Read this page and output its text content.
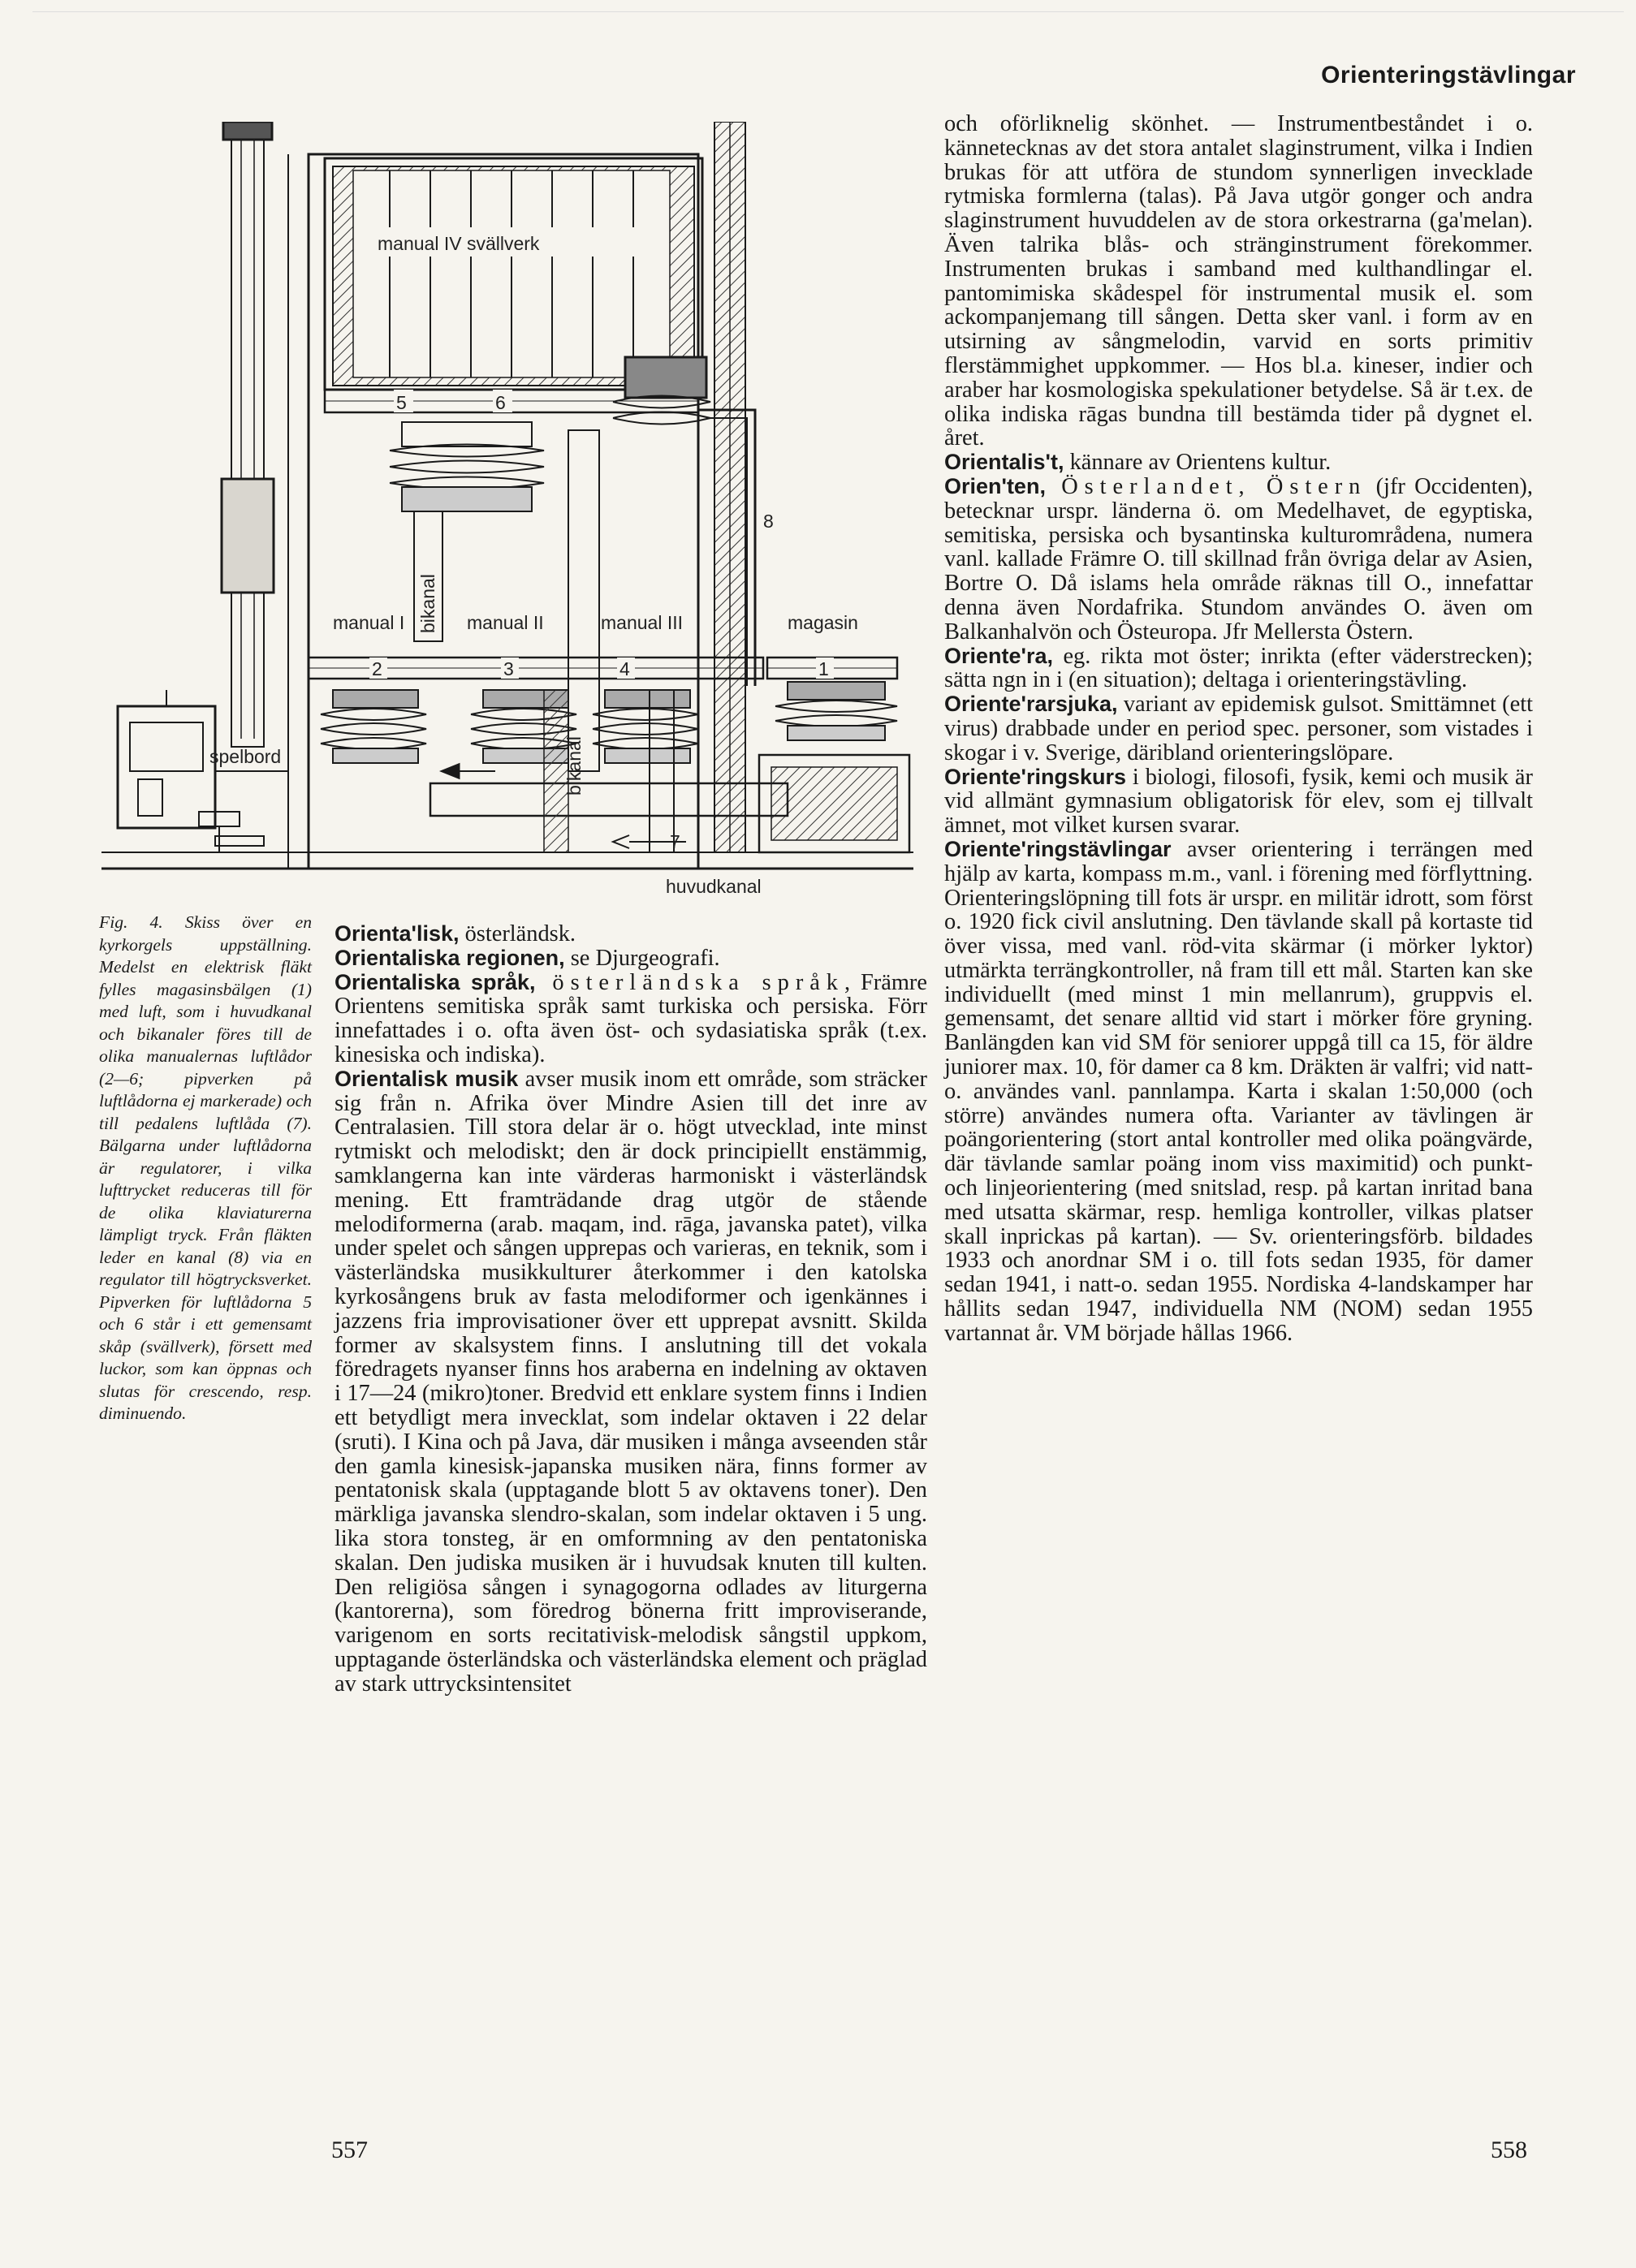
Orienteringstävlingar
manual IV svällverk
5	6
bikanal
bikanal
manual I	manual II	manual III	magasin
1
2	3	4
7
8
spelbord
huvudkanal
Fig. 4. Skiss över en kyrkorgels uppställning. Medelst en elektrisk fläkt fylles magasinsbälgen (1) med luft, som i huvudkanal och bikanaler föres till de olika manualernas luftlådor (2—6; pipverken på luftlådorna ej markerade) och till pedalens luftlåda (7). Bälgarna under luftlådorna är regulatorer, i vilka lufttrycket reduceras till för de olika klaviaturerna lämpligt tryck. Från fläkten leder en kanal (8) via en regulator till högtrycksverket. Pipverken för luftlådorna 5 och 6 står i ett gemensamt skåp (svällverk), försett med luckor, som kan öppnas och slutas för crescendo, resp. diminuendo.

Orienta'lisk, österländsk.

Orientaliska regionen, se Djurgeografi.

Orientaliska språk, österländska språk, Främre Orientens semitiska språk samt turkiska och persiska. Förr innefattades i o. ofta även öst- och sydasiatiska språk (t.ex. kinesiska och indiska).

Orientalisk musik avser musik inom ett område, som sträcker sig från n. Afrika över Mindre Asien till det inre av Centralasien. Till stora delar är o. högt utvecklad, inte minst rytmiskt och melodiskt; den är dock principiellt enstämmig, samklangerna kan inte värderas harmoniskt i västerländsk mening. Ett framträdande drag utgör de stående melodiformerna (arab. maqam, ind. rāga, javanska patet), vilka under spelet och sången upprepas och varieras, en teknik, som i västerländska musikkulturer återkommer i den katolska kyrkosångens bruk av fasta melodiformer och igenkännes i jazzens fria improvisationer över ett upprepat avsnitt. Skilda former av skalsystem finns. I anslutning till det vokala föredragets nyanser finns hos araberna en indelning av oktaven i 17—24 (mikro)toner. Bredvid ett enklare system finns i Indien ett betydligt mera invecklat, som indelar oktaven i 22 delar (sruti). I Kina och på Java, där musiken i många avseenden står den gamla kinesisk-japanska musiken nära, finns former av pentatonisk skala (upptagande blott 5 av oktavens toner). Den märkliga javanska slendro-skalan, som indelar oktaven i 5 ung. lika stora tonsteg, är en omformning av den pentatoniska skalan. Den judiska musiken är i huvudsak knuten till kulten. Den religiösa sången i synagogorna odlades av liturgerna (kantorerna), som föredrog bönerna fritt improviserande, varigenom en sorts recitativisk-melodisk sångstil uppkom, upptagande österländska och västerländska element och präglad av stark uttrycksintensitet

och oförliknelig skönhet. — Instrumentbeståndet i o. kännetecknas av det stora antalet slaginstrument, vilka i Indien brukas för att utföra de stundom synnerligen invecklade rytmiska formlerna (talas). På Java utgör gonger och andra slaginstrument huvuddelen av de stora orkestrarna (ga'melan). Även talrika blås- och stränginstrument förekommer. Instrumenten brukas i samband med kulthandlingar el. pantomimiska skådespel för instrumental musik el. som ackompanjemang till sången. Detta sker vanl. i form av en utsirning av sångmelodin, varvid en sorts primitiv flerstämmighet uppkommer. — Hos bl.a. kineser, indier och araber har kosmologiska spekulationer betydelse. Så är t.ex. de olika indiska rāgas bundna till bestämda tider på dygnet el. året.

Orientalis't, kännare av Orientens kultur.

Orien'ten, Österlandet, Östern (jfr Occidenten), betecknar urspr. länderna ö. om Medelhavet, de egyptiska, semitiska, persiska och bysantinska kulturområdena, numera vanl. kallade Främre O. till skillnad från övriga delar av Asien, Bortre O. Då islams hela område räknas till O., innefattar denna även Nordafrika. Stundom användes O. även om Balkanhalvön och Östeuropa. Jfr Mellersta Östern.

Oriente'ra, eg. rikta mot öster; inrikta (efter väderstrecken); sätta ngn in i (en situation); deltaga i orienteringstävling.

Oriente'rarsjuka, variant av epidemisk gulsot. Smittämnet (ett virus) drabbade under en period spec. personer, som vistades i skogar i v. Sverige, däribland orienteringslöpare.

Oriente'ringskurs i biologi, filosofi, fysik, kemi och musik är vid allmänt gymnasium obligatorisk för elev, som ej tillvalt ämnet, mot vilket kursen svarar.

Oriente'ringstävlingar avser orientering i terrängen med hjälp av karta, kompass m.m., vanl. i förening med förflyttning. Orienteringslöpning till fots är urspr. en militär idrott, som först o. 1920 fick civil anslutning. Den tävlande skall på kortaste tid över vissa, med vanl. röd-vita skärmar (i mörker lyktor) utmärkta terrängkontroller, nå fram till ett mål. Starten kan ske individuellt (med minst 1 min mellanrum), gruppvis el. gemensamt, det senare alltid vid start i mörker före gryning. Banlängden kan vid SM för seniorer uppgå till ca 15, för äldre juniorer max. 10, för damer ca 8 km. Dräkten är valfri; vid natt-o. användes vanl. pannlampa. Karta i skalan 1:50,000 (och större) användes numera ofta. Varianter av tävlingen är poängorientering (stort antal kontroller med olika poängvärde, där tävlande samlar poäng inom viss maximitid) och punkt- och linjeorientering (med snitslad, resp. på kartan inritad bana med utsatta skärmar, resp. hemliga kontroller, vilkas platser skall inprickas på kartan). — Sv. orienteringsförb. bildades 1933 och anordnar SM i o. till fots sedan 1935, för damer sedan 1941, i natt-o. sedan 1955. Nordiska 4-landskamper har hållits sedan 1947, individuella NM (NOM) sedan 1955 vartannat år. VM började hållas 1966.

557	558
